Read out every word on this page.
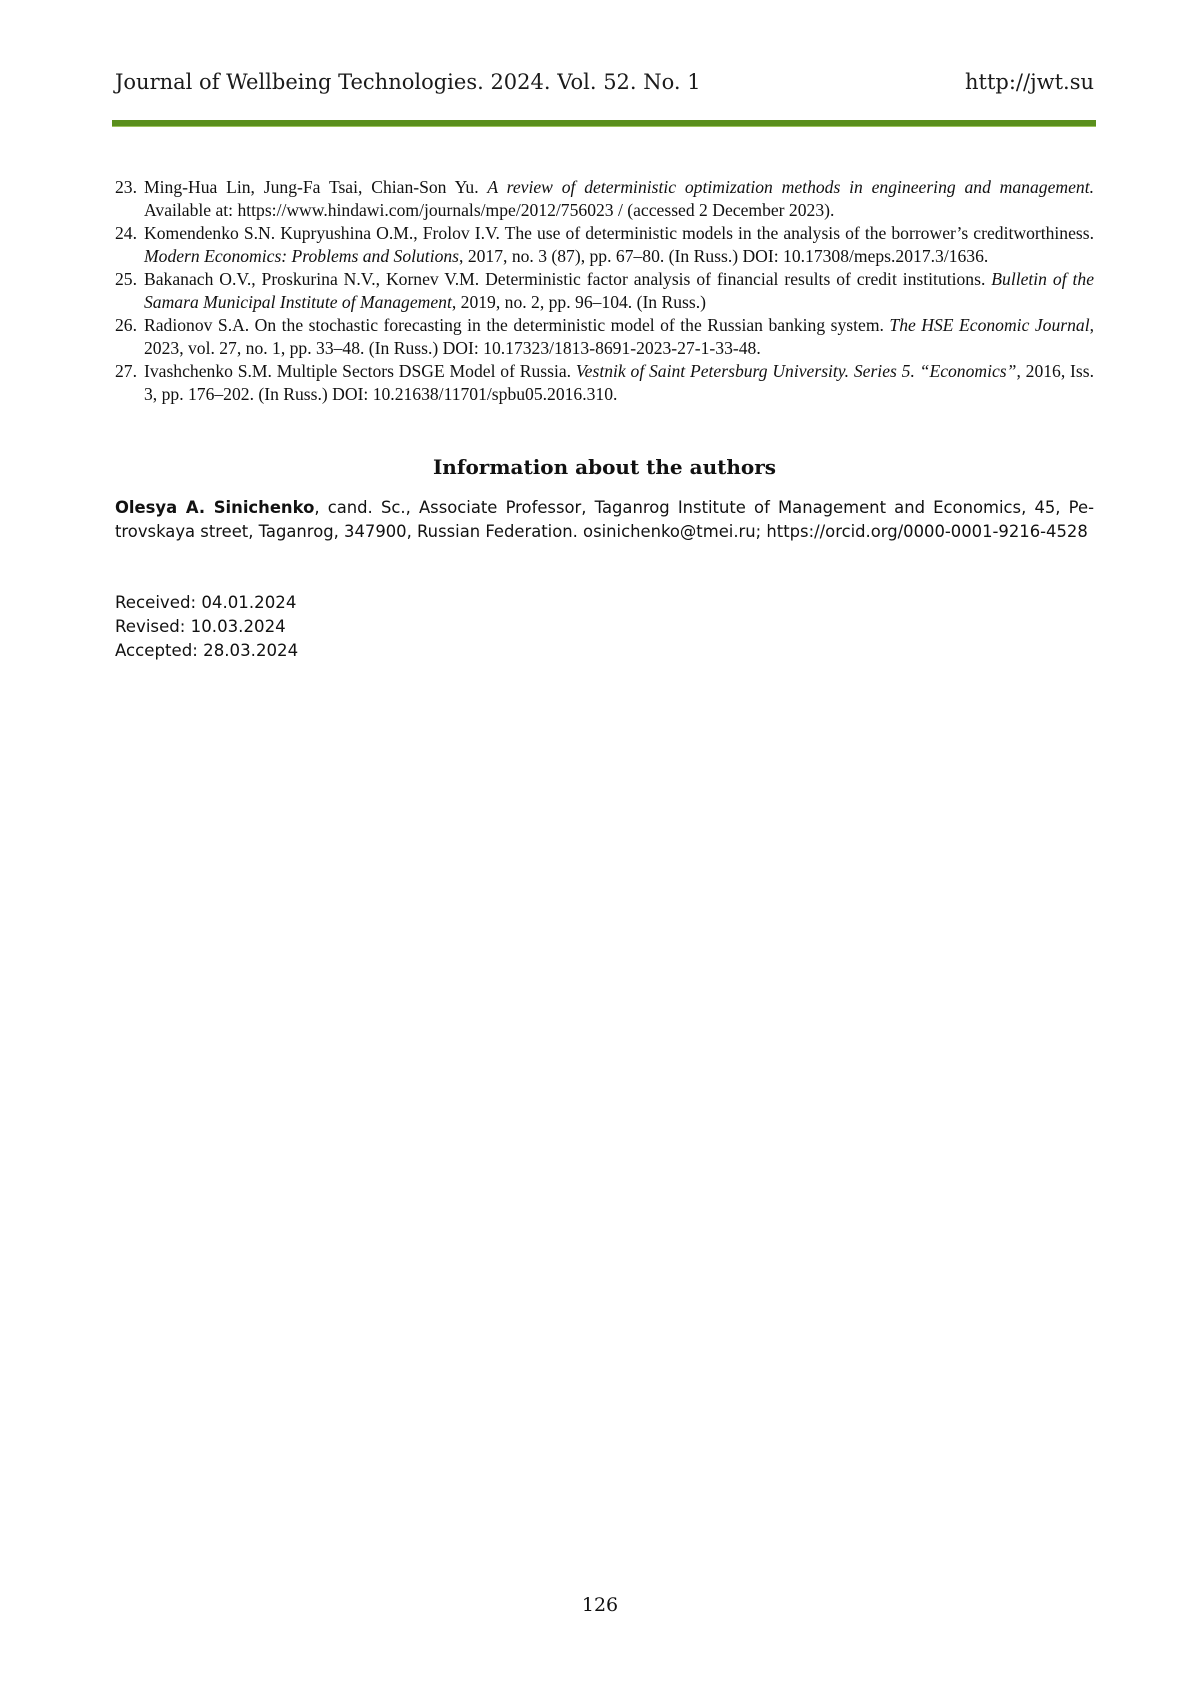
Journal of Wellbeing Technologies. 2024. Vol. 52. No. 1	http://jwt.su
23. Ming-Hua Lin, Jung-Fa Tsai, Chian-Son Yu. A review of deterministic optimization methods in engineering and management. Available at: https://www.hindawi.com/journals/mpe/2012/756023 / (accessed 2 December 2023).
24. Komendenko S.N. Kupryushina O.M., Frolov I.V. The use of deterministic models in the analysis of the borrower’s creditworthiness. Modern Economics: Problems and Solutions, 2017, no. 3 (87), pp. 67–80. (In Russ.) DOI: 10.17308/meps.2017.3/1636.
25. Bakanach O.V., Proskurina N.V., Kornev V.M. Deterministic factor analysis of financial results of credit institutions. Bulletin of the Samara Municipal Institute of Management, 2019, no. 2, pp. 96–104. (In Russ.)
26. Radionov S.A. On the stochastic forecasting in the deterministic model of the Russian banking system. The HSE Economic Journal, 2023, vol. 27, no. 1, pp. 33–48. (In Russ.) DOI: 10.17323/1813-8691-2023-27-1-33-48.
27. Ivashchenko S.M. Multiple Sectors DSGE Model of Russia. Vestnik of Saint Petersburg University. Series 5. “Economics”, 2016, Iss. 3, pp. 176–202. (In Russ.) DOI: 10.21638/11701/spbu05.2016.310.
Information about the authors
Olesya A. Sinichenko, cand. Sc., Associate Professor, Taganrog Institute of Management and Economics, 45, Pe-trovskaya street, Taganrog, 347900, Russian Federation. osinichenko@tmei.ru; https://orcid.org/0000-0001-9216-4528
Received: 04.01.2024
Revised: 10.03.2024
Accepted: 28.03.2024
126
